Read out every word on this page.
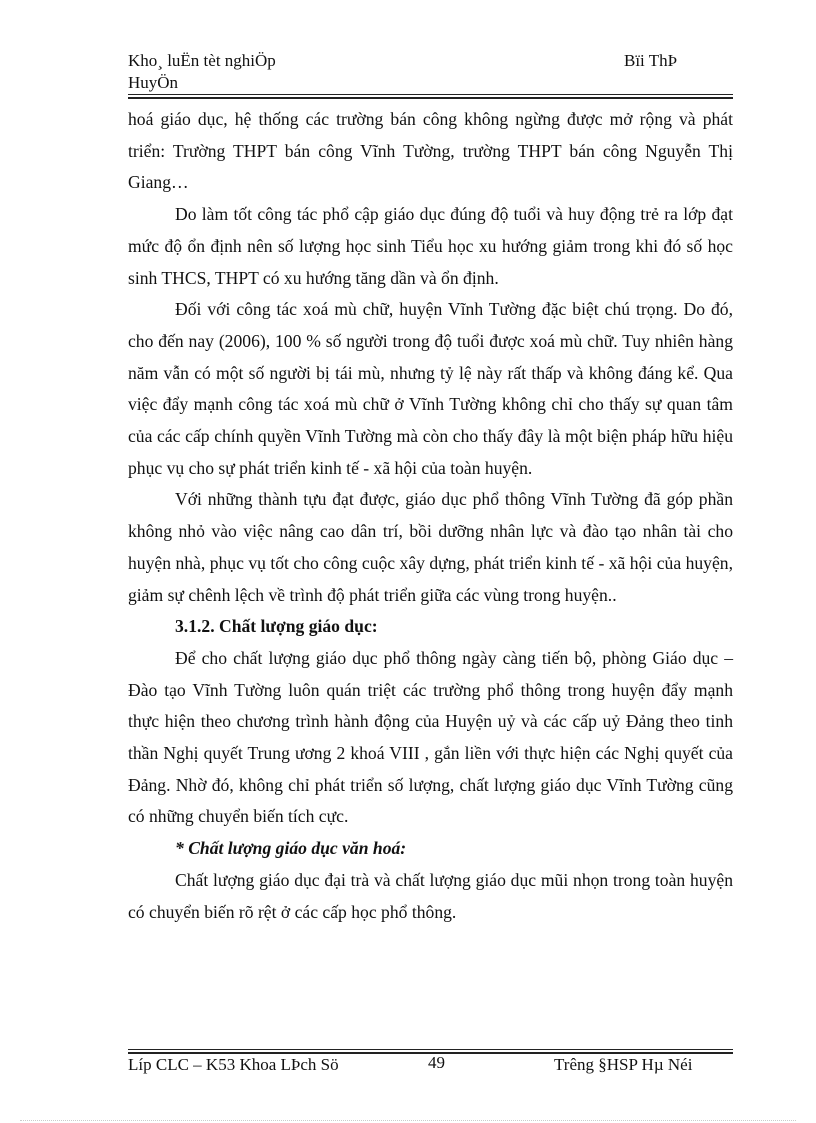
Kho¸ luËn tèt nghiÖp
HuyÖn
Bïi ThÞ

hoá giáo dục, hệ thống các trường bán công không ngừng được mở rộng và phát triển: Trường THPT bán công Vĩnh Tường, trường THPT bán công Nguyễn Thị Giang…

Do làm tốt công tác phổ cập giáo dục đúng độ tuổi và huy động trẻ ra lớp đạt mức độ ổn định nên số lượng học sinh Tiểu học xu hướng giảm trong khi đó số học sinh THCS, THPT có xu hướng tăng dần và ổn định.

Đối với công tác xoá mù chữ, huyện Vĩnh Tường đặc biệt chú trọng. Do đó, cho đến nay (2006), 100 % số người trong độ tuổi được xoá mù chữ. Tuy nhiên hàng năm vẫn có một số người bị tái mù, nhưng tỷ lệ này rất thấp và không đáng kể. Qua việc đẩy mạnh công tác xoá mù chữ ở Vĩnh Tường không chỉ cho thấy sự quan tâm của các cấp chính quyền Vĩnh Tường mà còn cho thấy đây là một biện pháp hữu hiệu phục vụ cho sự phát triển kinh tế - xã hội của toàn huyện.

Với những thành tựu đạt được, giáo dục phổ thông Vĩnh Tường đã góp phần không nhỏ vào việc nâng cao dân trí, bồi dưỡng nhân lực và đào tạo nhân tài cho huyện nhà, phục vụ tốt cho công cuộc xây dựng, phát triển kinh tế - xã hội của huyện, giảm sự chênh lệch về trình độ phát triển giữa các vùng trong huyện..

3.1.2. Chất lượng giáo dục:

Để cho chất lượng giáo dục phổ thông ngày càng tiến bộ, phòng Giáo dục – Đào tạo Vĩnh Tường luôn quán triệt các trường phổ thông trong huyện đẩy mạnh thực hiện theo chương trình hành động của Huyện uỷ và các cấp uỷ Đảng theo tinh thần Nghị quyết Trung ương 2 khoá VIII , gắn liền với thực hiện các Nghị quyết của Đảng. Nhờ đó, không chỉ phát triển số lượng, chất lượng giáo dục Vĩnh Tường cũng có những chuyển biến tích cực.

* Chất lượng giáo dục văn hoá:

Chất lượng giáo dục đại trà và chất lượng giáo dục mũi nhọn trong toàn huyện có chuyển biến rõ rệt ở các cấp học phổ thông.

Líp CLC – K53 Khoa LÞch Sö	49	Trêng §HSP Hµ Néi
